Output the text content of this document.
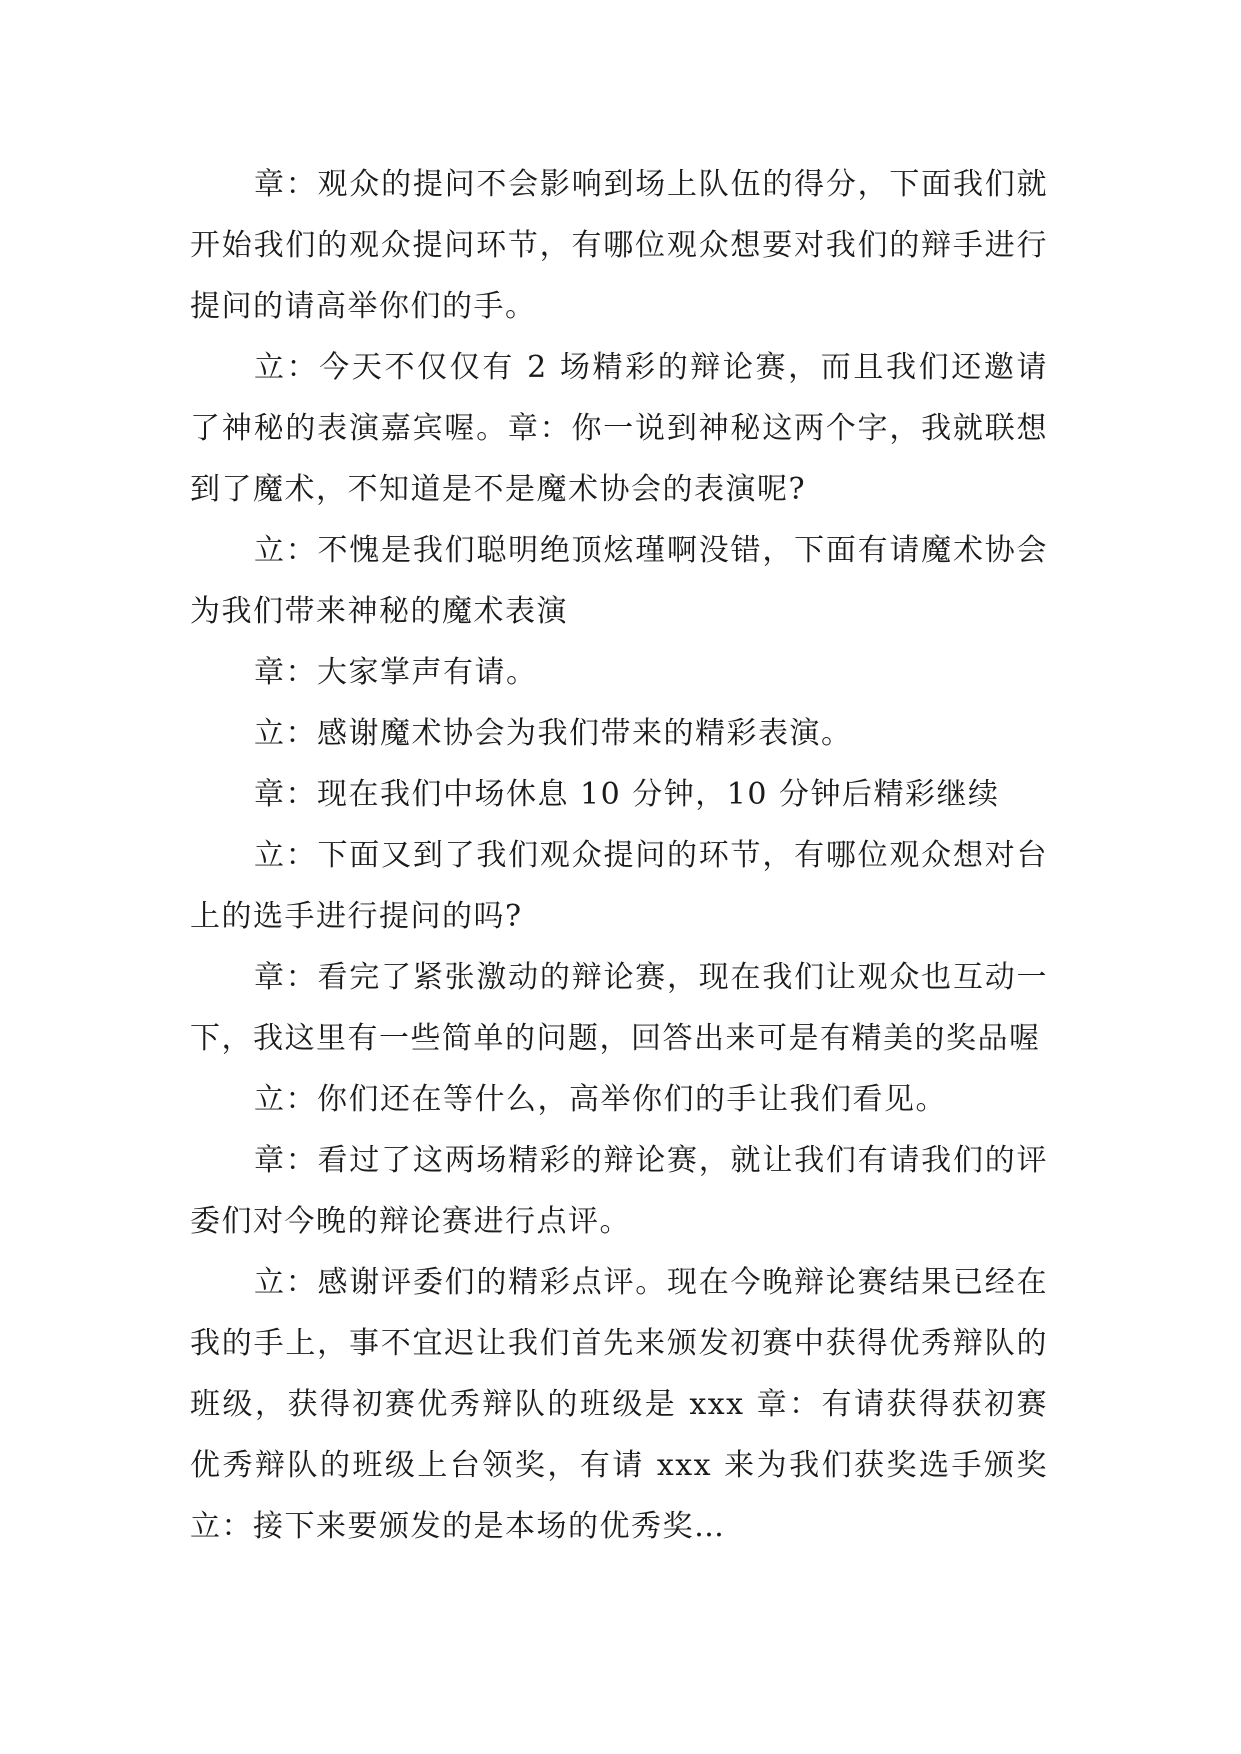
章：观众的提问不会影响到场上队伍的得分，下面我们就开始我们的观众提问环节，有哪位观众想要对我们的辩手进行提问的请高举你们的手。

立：今天不仅仅有 2 场精彩的辩论赛，而且我们还邀请了神秘的表演嘉宾喔。章：你一说到神秘这两个字，我就联想到了魔术，不知道是不是魔术协会的表演呢?

立：不愧是我们聪明绝顶炫瑾啊没错，下面有请魔术协会为我们带来神秘的魔术表演

章：大家掌声有请。

立：感谢魔术协会为我们带来的精彩表演。

章：现在我们中场休息 10 分钟，10 分钟后精彩继续

立：下面又到了我们观众提问的环节，有哪位观众想对台上的选手进行提问的吗?

章：看完了紧张激动的辩论赛，现在我们让观众也互动一下，我这里有一些简单的问题，回答出来可是有精美的奖品喔

立：你们还在等什么，高举你们的手让我们看见。

章：看过了这两场精彩的辩论赛，就让我们有请我们的评委们对今晚的辩论赛进行点评。

立：感谢评委们的精彩点评。现在今晚辩论赛结果已经在我的手上，事不宜迟让我们首先来颁发初赛中获得优秀辩队的班级，获得初赛优秀辩队的班级是 xxx 章：有请获得获初赛优秀辩队的班级上台领奖，有请 xxx 来为我们获奖选手颁奖立：接下来要颁发的是本场的优秀奖…
